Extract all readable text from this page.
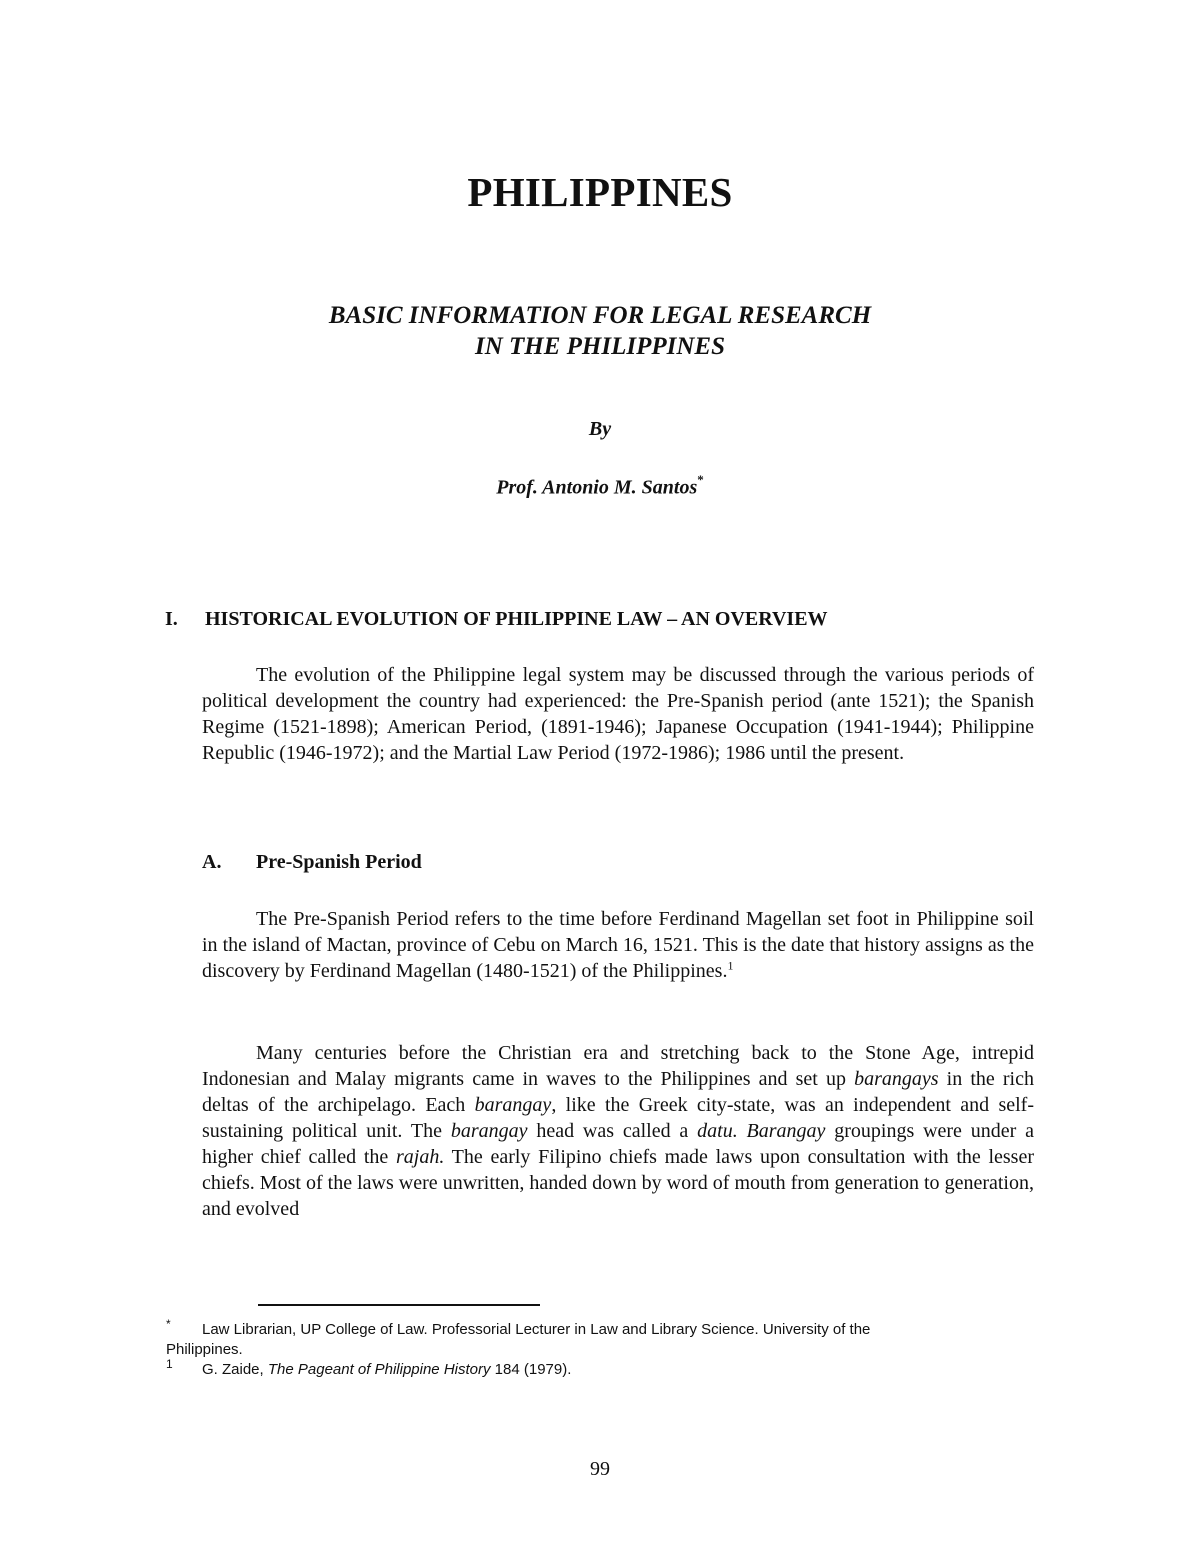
PHILIPPINES
BASIC INFORMATION FOR LEGAL RESEARCH
IN THE PHILIPPINES
By
Prof. Antonio M. Santos*
I. HISTORICAL EVOLUTION OF PHILIPPINE LAW – AN OVERVIEW
The evolution of the Philippine legal system may be discussed through the various periods of political development the country had experienced: the Pre-Spanish period (ante 1521); the Spanish Regime (1521-1898); American Period, (1891-1946); Japanese Occupation (1941-1944); Philippine Republic (1946-1972); and the Martial Law Period (1972-1986); 1986 until the present.
A. Pre-Spanish Period
The Pre-Spanish Period refers to the time before Ferdinand Magellan set foot in Philippine soil in the island of Mactan, province of Cebu on March 16, 1521. This is the date that history assigns as the discovery by Ferdinand Magellan (1480-1521) of the Philippines.$^1$
Many centuries before the Christian era and stretching back to the Stone Age, intrepid Indonesian and Malay migrants came in waves to the Philippines and set up barangays in the rich deltas of the archipelago. Each barangay, like the Greek city-state, was an independent and self-sustaining political unit. The barangay head was called a datu. Barangay groupings were under a higher chief called the rajah. The early Filipino chiefs made laws upon consultation with the lesser chiefs. Most of the laws were unwritten, handed down by word of mouth from generation to generation, and evolved
* Law Librarian, UP College of Law. Professorial Lecturer in Law and Library Science. University of the
Philippines.
1 G. Zaide, The Pageant of Philippine History 184 (1979).
99
